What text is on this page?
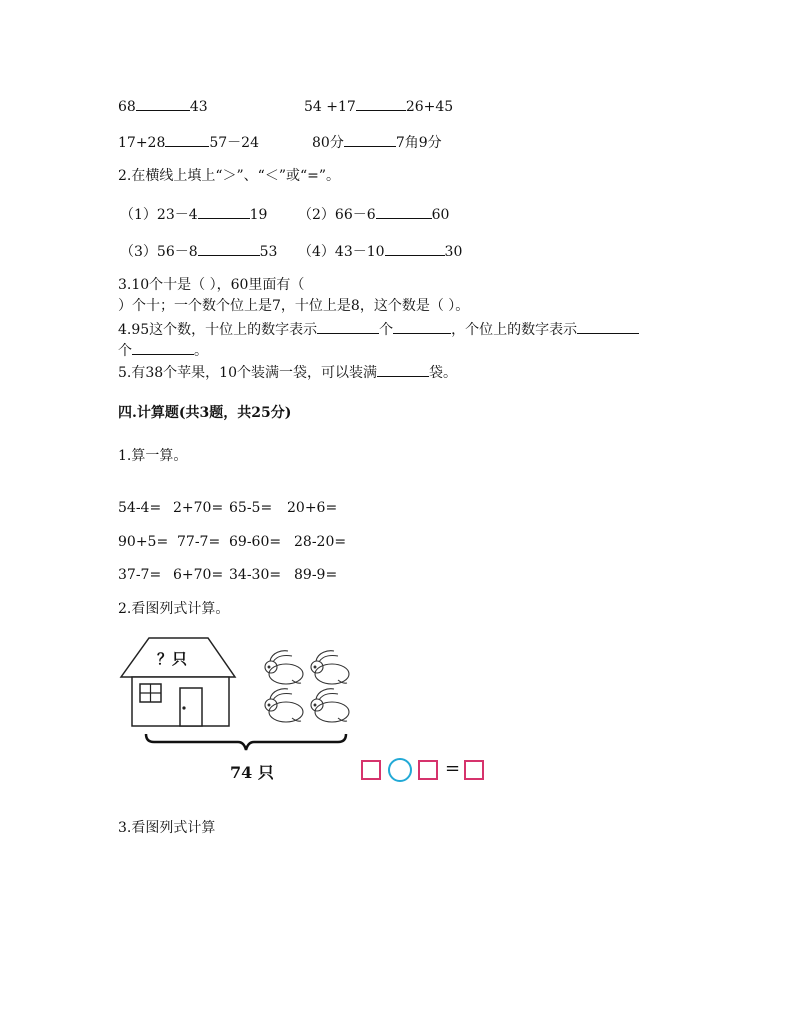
68	43	54 +17	26+45
17+28	57－24	80分	7角9分
2.在横线上填上“＞”、“＜”或“=”。
（1）23－4	19 （2）66－6	60
（3）56－8	53 （4）43－10	30
3.10个十是（ ），60里面有（
）个十；一个数个位上是7，十位上是8，这个数是（ ）。
4.95这个数，十位上的数字表示	个	，个位上的数字表示
个	。
5.有38个苹果，10个装满一袋，可以装满	袋。
四.计算题(共3题，共25分)
1.算一算。
54-4= 2+70= 65-5= 20+6=
90+5= 77-7= 69-60= 28-20=
37-7= 6+70= 34-30= 89-9=
2.看图列式计算。
？只
74 只	=
3.看图列式计算
